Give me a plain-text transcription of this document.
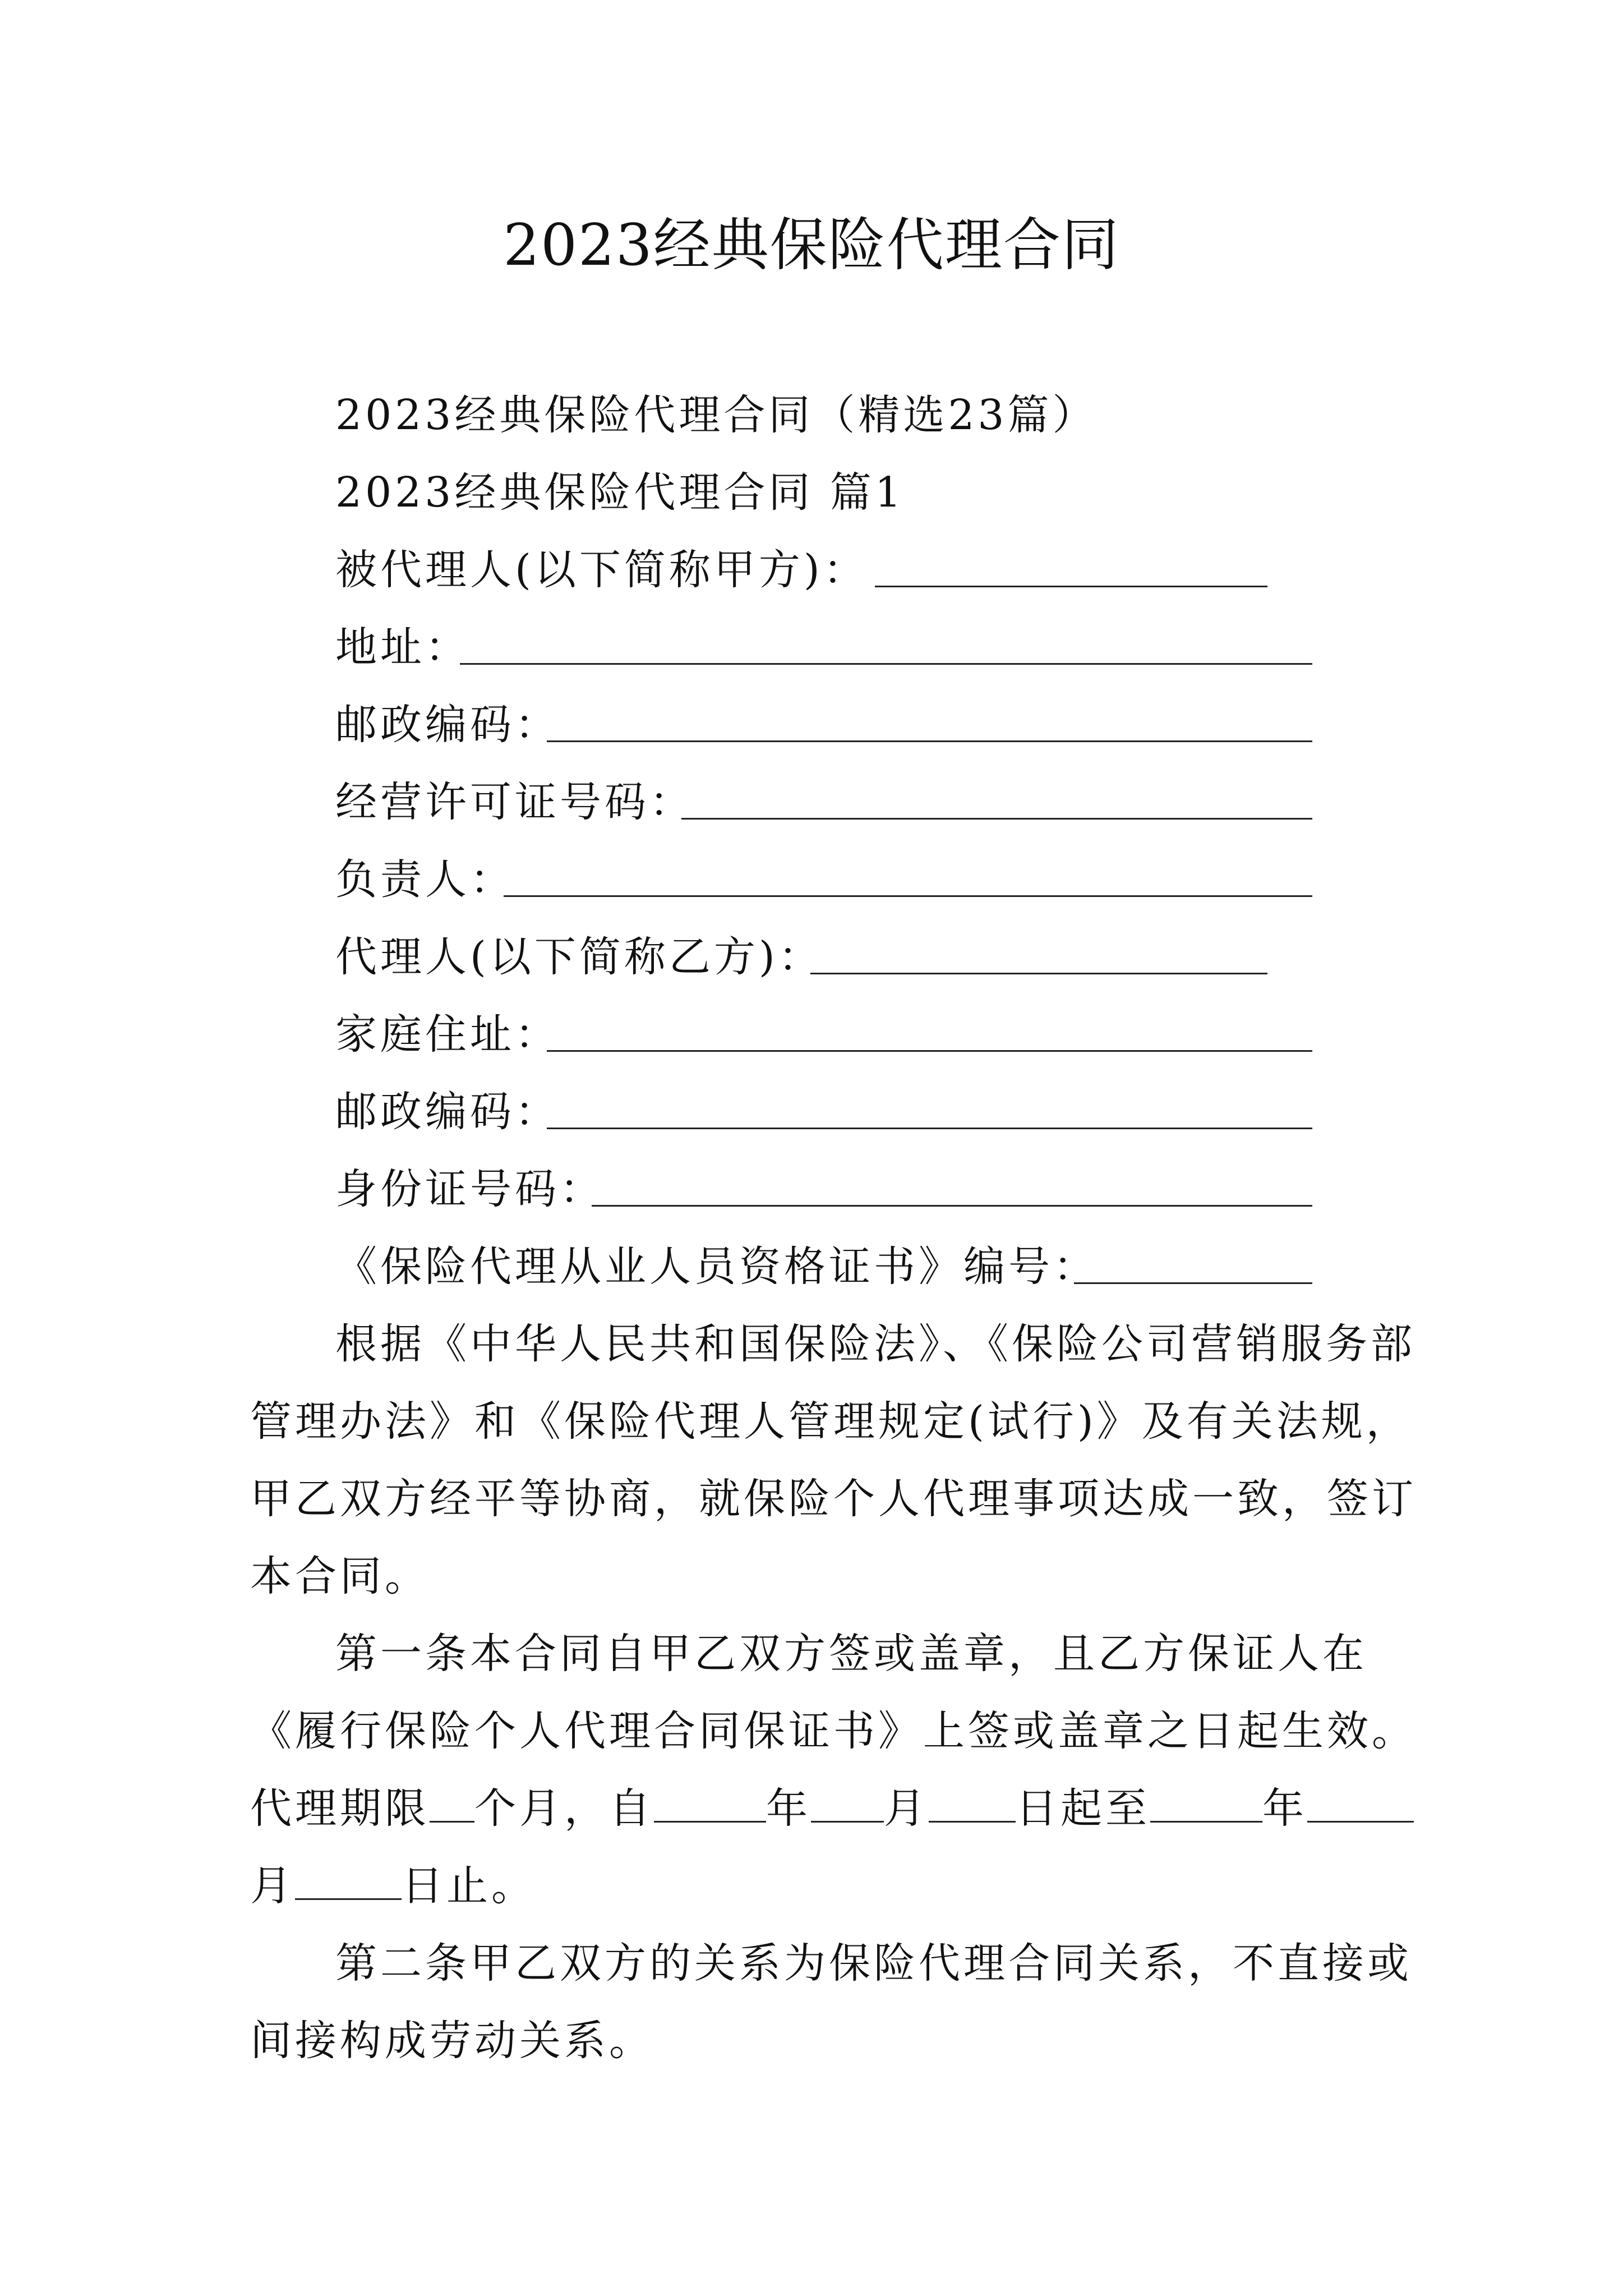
2023经典保险代理合同
2023经典保险代理合同（精选23篇）
2023经典保险代理合同 篇1
被代理人(以下简称甲方)：
地址：
邮政编码：
经营许可证号码：
负责人：
代理人(以下简称乙方)：
家庭住址：
邮政编码：
身份证号码：
《保险代理从业人员资格证书》编号：
根据《中华人民共和国保险法》、《保险公司营销服务部
管理办法》和《保险代理人管理规定(试行)》及有关法规，
甲乙双方经平等协商，就保险个人代理事项达成一致，签订
本合同。
第一条本合同自甲乙双方签或盖章，且乙方保证人在
《履行保险个人代理合同保证书》上签或盖章之日起生效。
代理期限 个月，自	年 月 日起至	年
月	日止。
第二条甲乙双方的关系为保险代理合同关系，不直接或
间接构成劳动关系。
